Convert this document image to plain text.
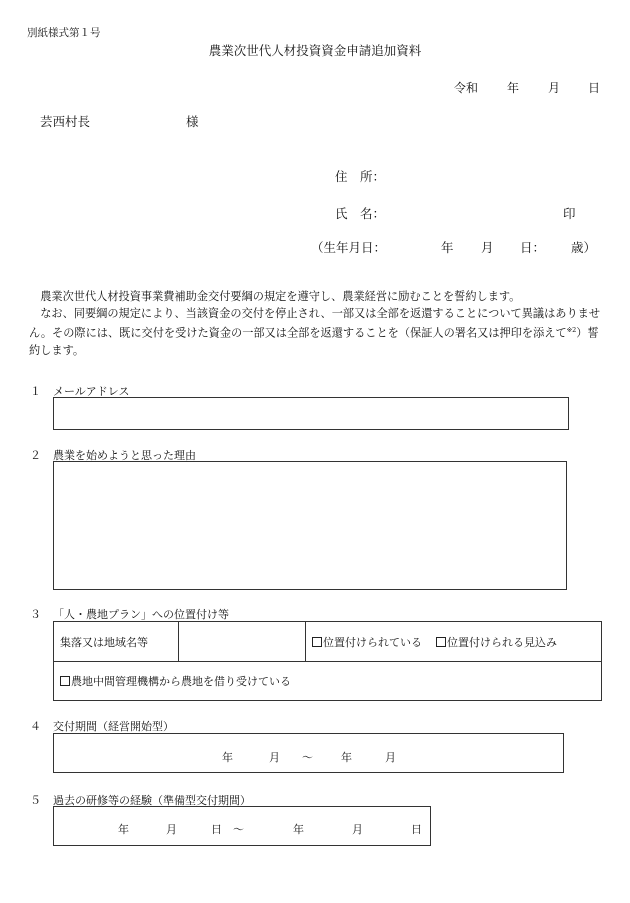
別紙様式第１号
農業次世代人材投資資金申請追加資料
令和 年 月 日
芸西村長	様
住　所：
氏　名：	印
（生年月日：	年 月 日： 歳）

農業次世代人材投資事業費補助金交付要綱の規定を遵守し、農業経営に励むことを誓約します。

なお、同要綱の規定により、当該資金の交付を停止され、一部又は全部を返還することについて異議はありません。その際には、既に交付を受けた資金の一部又は全部を返還することを（保証人の署名又は押印を添えて$^{※2}$）誓約します。

１ メールアドレス
２ 農業を始めようと思った理由
３ 「人・農地プラン」への位置付け等
集落又は地域名等		位置付けられている 位置付けられる見込み
農地中間管理機構から農地を借り受けている
４ 交付期間（経営開始型）
年	月 ～	年	月
５ 過去の研修等の経験（準備型交付期間）
年	月	日 ～	年	月	日
